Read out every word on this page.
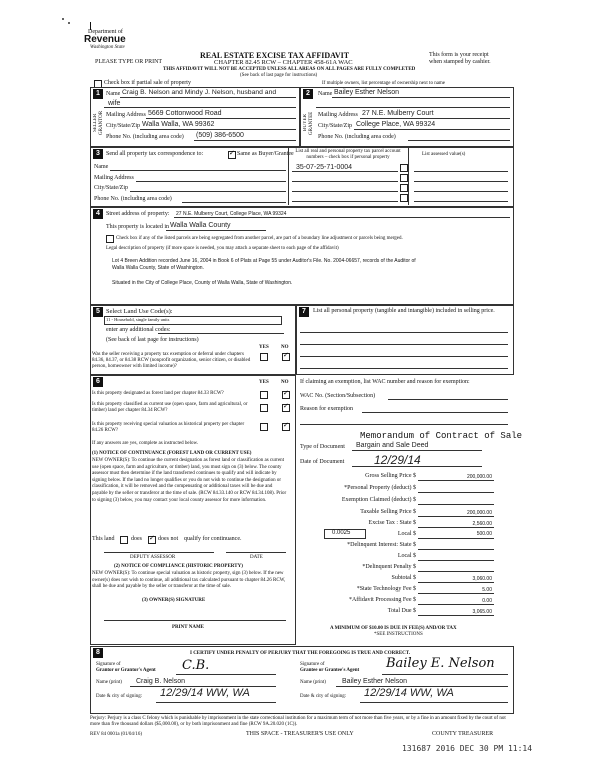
Department of
Revenue
Washington State
PLEASE TYPE OR PRINT
REAL ESTATE EXCISE TAX AFFIDAVIT
CHAPTER 82.45 RCW – CHAPTER 458-61A WAC
THIS AFFIDAVIT WILL NOT BE ACCEPTED UNLESS ALL AREAS ON ALL PAGES ARE FULLY COMPLETED
(See back of last page for instructions)
This form is your receipt
when stamped by cashier.
Check box if partial sale of property	If multiple owners, list percentage of ownership next to name
1
SELLER GRANTOR
Name Craig B. Nelson and Mindy J. Nelson, husband and
wife
Mailing Address 5669 Cottonwood Road
City/State/Zip Walla Walla, WA 99362
Phone No. (including area code) (509) 386-6500
2
BUYER GRANTEE
Name Bailey Esther Nelson
Mailing Address 27 N.E. Mulberry Court
City/State/Zip College Place, WA 99324
Phone No. (including area code)
3	Send all property tax correspondence to: ✓	Same as Buyer/Grantee
Name
Mailing Address
City/State/Zip
Phone No. (including area code)
List all real and personal property tax parcel account numbers – check box if personal property
List assessed value(s)
35-07-25-71-0004
4	Street address of property: 27 N.E. Mulberry Court, College Place, WA 99324
This property is located in Walla Walla County
Check box if any of the listed parcels are being segregated from another parcel, are part of a boundary line adjustment or parcels being merged.
Legal description of property (if more space is needed, you may attach a separate sheet to each page of the affidavit)
Lot 4 Breen Addition recorded June 16, 2004 in Book 6 of Plats at Page 55 under Auditor's File. No. 2004-06657, records of the Auditor of
Walla Walla County, State of Washington.
Situated in the City of College Place, County of Walla Walla, State of Washington.
5 Select Land Use Code(s):
11 - Household, single family units
enter any additional codes:
(See back of last page for instructions)
YES NO
Was the seller receiving a property tax exemption or deferral under chapters 84.36, 84.37, or 84.38 RCW (nonprofit organization, senior citizen, or disabled person, homeowner with limited income)?
✓
7	List all personal property (tangible and intangible) included in selling price.
6	YES NO
Is this property designated as forest land per chapter 84.33 RCW?
✓
Is this property classified as current use (open space, farm and agricultural, or timber) land per chapter 84.34 RCW?
✓
Is this property receiving special valuation as historical property per chapter 84.26 RCW?
✓
If any answers are yes, complete as instructed below.
(1) NOTICE OF CONTINUANCE (FOREST LAND OR CURRENT USE)
NEW OWNER(S): To continue the current designation as forest land or classification as current use (open space, farm and agriculture, or timber) land, you must sign on (3) below. The county assessor must then determine if the land transferred continues to qualify and will indicate by signing below. If the land no longer qualifies or you do not wish to continue the designation or classification, it will be removed and the compensating or additional taxes will be due and payable by the seller or transferor at the time of sale. (RCW 84.33.140 or RCW 84.34.108). Prior to signing (3) below, you may contact your local county assessor for more information.
This land	does ✓	does not qualify for continuance.
DEPUTY ASSESSOR	DATE
(2) NOTICE OF COMPLIANCE (HISTORIC PROPERTY)
NEW OWNER(S): To continue special valuation as historic property, sign (3) below. If the new owner(s) does not wish to continue, all additional tax calculated pursuant to chapter 84.26 RCW, shall be due and payable by the seller or transferor at the time of sale.
(3) OWNER(S) SIGNATURE
PRINT NAME
If claiming an exemption, list WAC number and reason for exemption:
WAC No. (Section/Subsection)
Reason for exemption
Memorandum of Contract of Sale
Type of Document Bargain and Sale Deed
Date of Document 12/29/14
Gross Selling Price $	200,000.00
*Personal Property (deduct) $
Exemption Claimed (deduct) $
Taxable Selling Price $	200,000.00
Excise Tax : State $	2,560.00
0.0025	Local $	500.00
*Delinquent Interest: State $
Local $
*Delinquent Penalty $
Subtotal $	3,060.00
*State Technology Fee $	5.00
*Affidavit Processing Fee $	0.00
Total Due $	3,065.00
A MINIMUM OF $10.00 IS DUE IN FEE(S) AND/OR TAX
*SEE INSTRUCTIONS
8	I CERTIFY UNDER PENALTY OF PERJURY THAT THE FOREGOING IS TRUE AND CORRECT.
Signature of
Grantor or Grantor's Agent C.B.
Name (print) Craig B. Nelson
Date & city of signing: 12/29/14 WW, WA
Signature of
Grantee or Grantee's Agent Bailey E. Nelson
Name (print) Bailey Esther Nelson
Date & city of signing: 12/29/14 WW, WA
Perjury: Perjury is a class C felony which is punishable by imprisonment in the state correctional institution for a maximum term of not more than five years, or by a fine in an amount fixed by the court of not more than five thousand dollars ($5,000.00), or by both imprisonment and fine (RCW 9A.20.020 (1C)).
REV 84 0001a (01/04/16)	THIS SPACE - TREASURER'S USE ONLY	COUNTY TREASURER
131687 2016 DEC 30 PM 11:14
